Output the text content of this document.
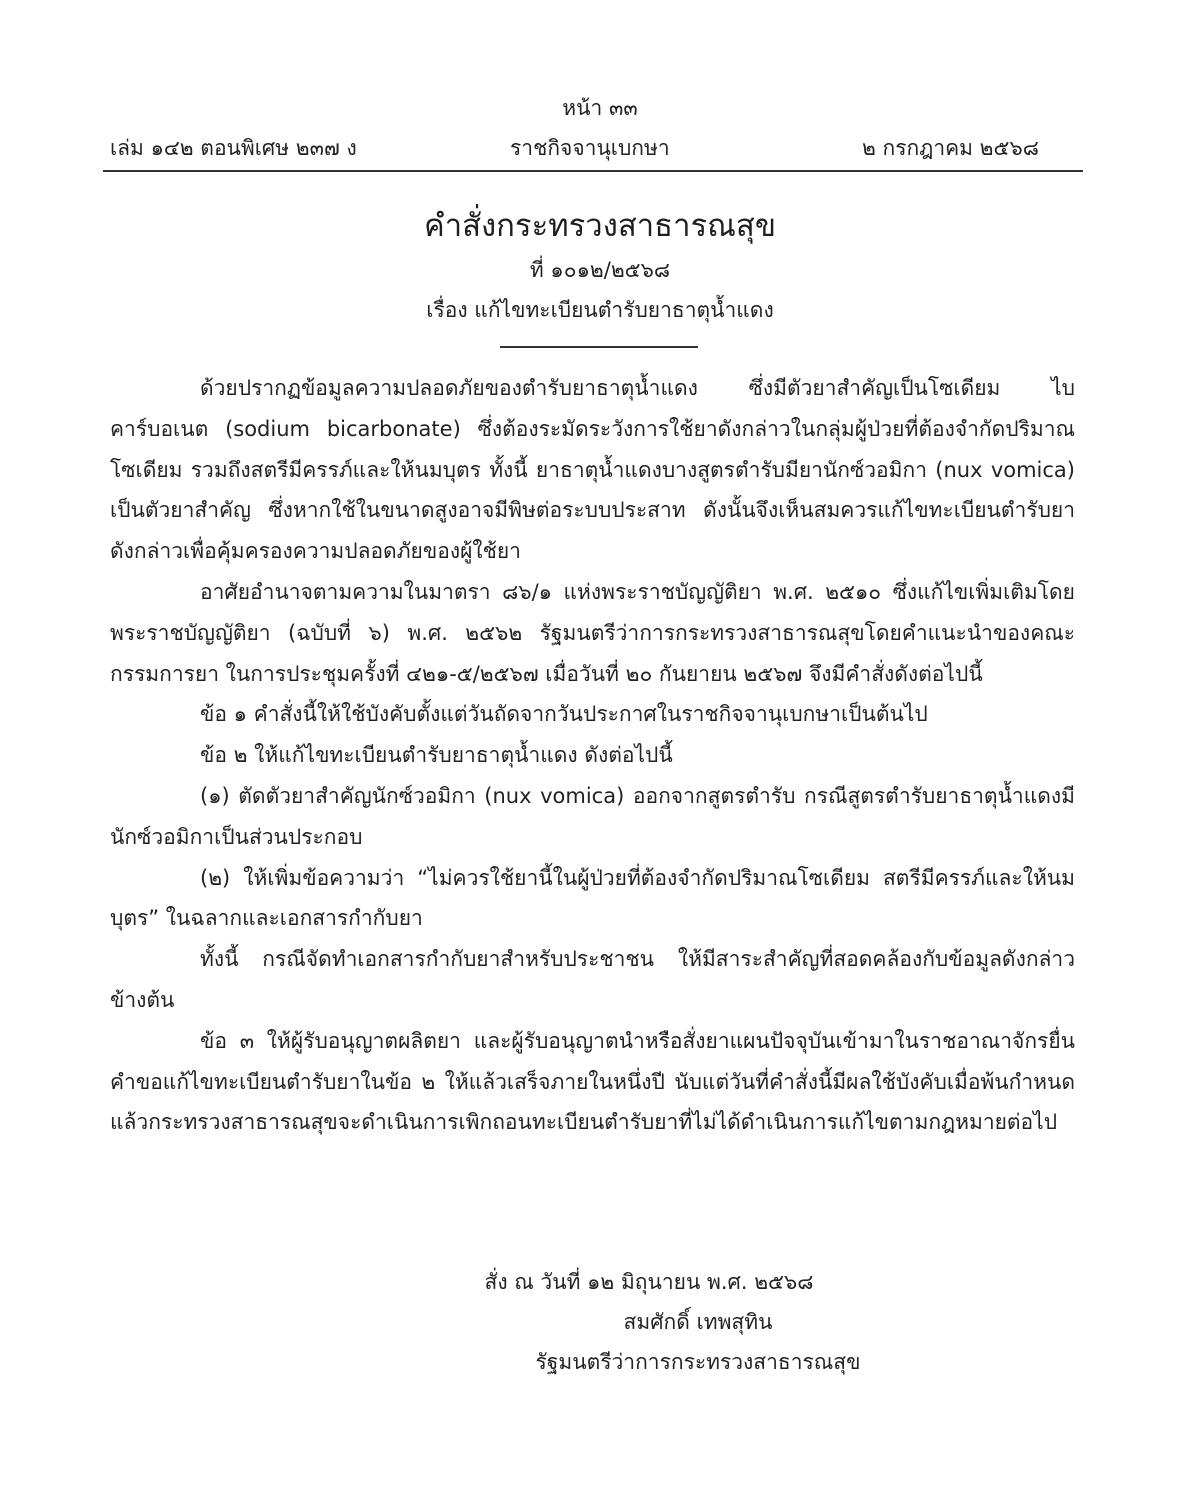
หน้า ๓๓
เล่ม ๑๔๒ ตอนพิเศษ ๒๓๗ ง	ราชกิจจานุเบกษา	๒ กรกฎาคม ๒๕๖๘
คำสั่งกระทรวงสาธารณสุข
ที่ ๑๐๑๒/๒๕๖๘
เรื่อง แก้ไขทะเบียนตำรับยาธาตุน้ำแดง

ด้วยปรากฏข้อมูลความปลอดภัยของตำรับยาธาตุน้ำแดง ซึ่งมีตัวยาสำคัญเป็นโซเดียม ไบคาร์บอเนต (sodium bicarbonate) ซึ่งต้องระมัดระวังการใช้ยาดังกล่าวในกลุ่มผู้ป่วยที่ต้องจำกัดปริมาณโซเดียม รวมถึงสตรีมีครรภ์และให้นมบุตร ทั้งนี้ ยาธาตุน้ำแดงบางสูตรตำรับมียานักซ์วอมิกา (nux vomica) เป็นตัวยาสำคัญ ซึ่งหากใช้ในขนาดสูงอาจมีพิษต่อระบบประสาท ดังนั้นจึงเห็นสมควรแก้ไขทะเบียนตำรับยาดังกล่าวเพื่อคุ้มครองความปลอดภัยของผู้ใช้ยา

อาศัยอำนาจตามความในมาตรา ๘๖/๑ แห่งพระราชบัญญัติยา พ.ศ. ๒๕๑๐ ซึ่งแก้ไขเพิ่มเติมโดยพระราชบัญญัติยา (ฉบับที่ ๖) พ.ศ. ๒๕๖๒ รัฐมนตรีว่าการกระทรวงสาธารณสุขโดยคำแนะนำของคณะกรรมการยา ในการประชุมครั้งที่ ๔๒๑-๕/๒๕๖๗ เมื่อวันที่ ๒๐ กันยายน ๒๕๖๗ จึงมีคำสั่งดังต่อไปนี้

ข้อ ๑ คำสั่งนี้ให้ใช้บังคับตั้งแต่วันถัดจากวันประกาศในราชกิจจานุเบกษาเป็นต้นไป

ข้อ ๒ ให้แก้ไขทะเบียนตำรับยาธาตุน้ำแดง ดังต่อไปนี้

(๑) ตัดตัวยาสำคัญนักซ์วอมิกา (nux vomica) ออกจากสูตรตำรับ กรณีสูตรตำรับยาธาตุน้ำแดงมีนักซ์วอมิกาเป็นส่วนประกอบ

(๒) ให้เพิ่มข้อความว่า “ไม่ควรใช้ยานี้ในผู้ป่วยที่ต้องจำกัดปริมาณโซเดียม สตรีมีครรภ์และให้นมบุตร” ในฉลากและเอกสารกำกับยา

ทั้งนี้ กรณีจัดทำเอกสารกำกับยาสำหรับประชาชน ให้มีสาระสำคัญที่สอดคล้องกับข้อมูลดังกล่าวข้างต้น

ข้อ ๓ ให้ผู้รับอนุญาตผลิตยา และผู้รับอนุญาตนำหรือสั่งยาแผนปัจจุบันเข้ามาในราชอาณาจักรยื่นคำขอแก้ไขทะเบียนตำรับยาในข้อ ๒ ให้แล้วเสร็จภายในหนึ่งปี นับแต่วันที่คำสั่งนี้มีผลใช้บังคับเมื่อพ้นกำหนดแล้วกระทรวงสาธารณสุขจะดำเนินการเพิกถอนทะเบียนตำรับยาที่ไม่ได้ดำเนินการแก้ไขตามกฎหมายต่อไป

สั่ง ณ วันที่ ๑๒ มิถุนายน พ.ศ. ๒๕๖๘
สมศักดิ์ เทพสุทิน
รัฐมนตรีว่าการกระทรวงสาธารณสุข
